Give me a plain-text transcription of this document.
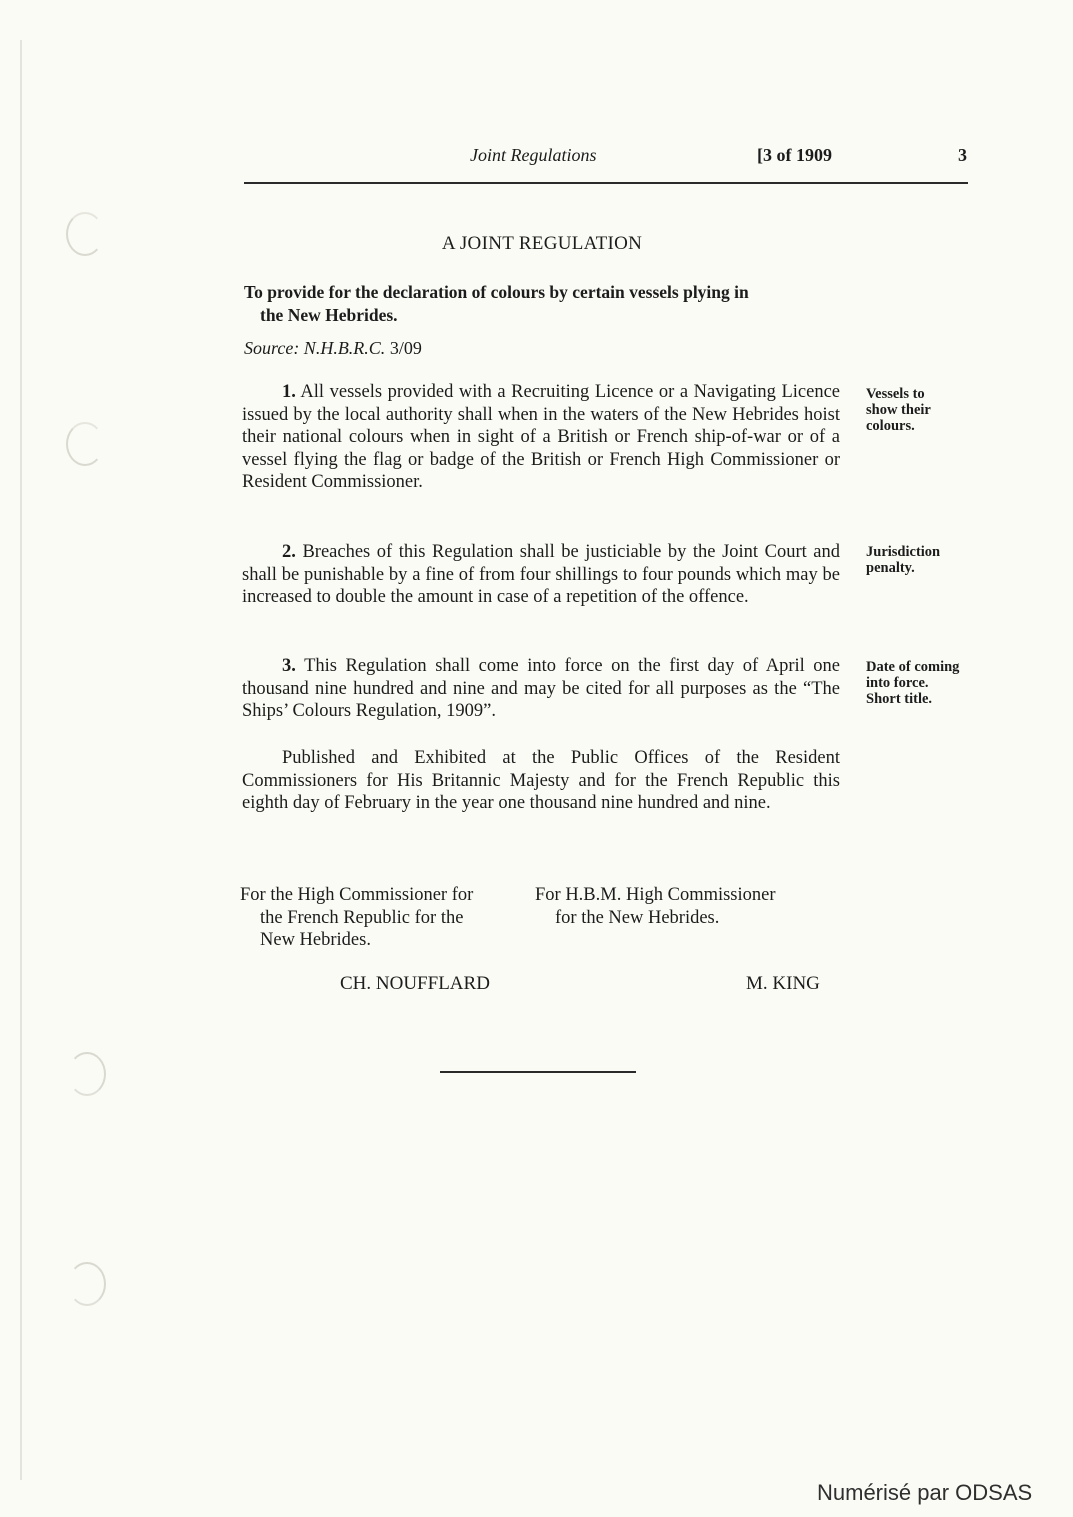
Joint Regulations	[3 of 1909	3
A JOINT REGULATION
To provide for the declaration of colours by certain vessels plying in
the New Hebrides.
Source: N.H.B.R.C. 3/09
1. All vessels provided with a Recruiting Licence or a Navigating Licence issued by the local authority shall when in the waters of the New Hebrides hoist their national colours when in sight of a British or French ship-of-war or of a vessel flying the flag or badge of the British or French High Commissioner or Resident Commissioner.
Vessels to show their colours.
2. Breaches of this Regulation shall be justiciable by the Joint Court and shall be punishable by a fine of from four shillings to four pounds which may be increased to double the amount in case of a repetition of the offence.
Jurisdiction penalty.
3. This Regulation shall come into force on the first day of April one thousand nine hundred and nine and may be cited for all purposes as the “The Ships’ Colours Regulation, 1909”.
Date of coming into force. Short title.
Published and Exhibited at the Public Offices of the Resident Commissioners for His Britannic Majesty and for the French Republic this eighth day of February in the year one thousand nine hundred and nine.
For the High Commissioner for
the French Republic for the
New Hebrides.
For H.B.M. High Commissioner
for the New Hebrides.
CH. NOUFFLARD	M. KING
Numérisé par ODSAS
